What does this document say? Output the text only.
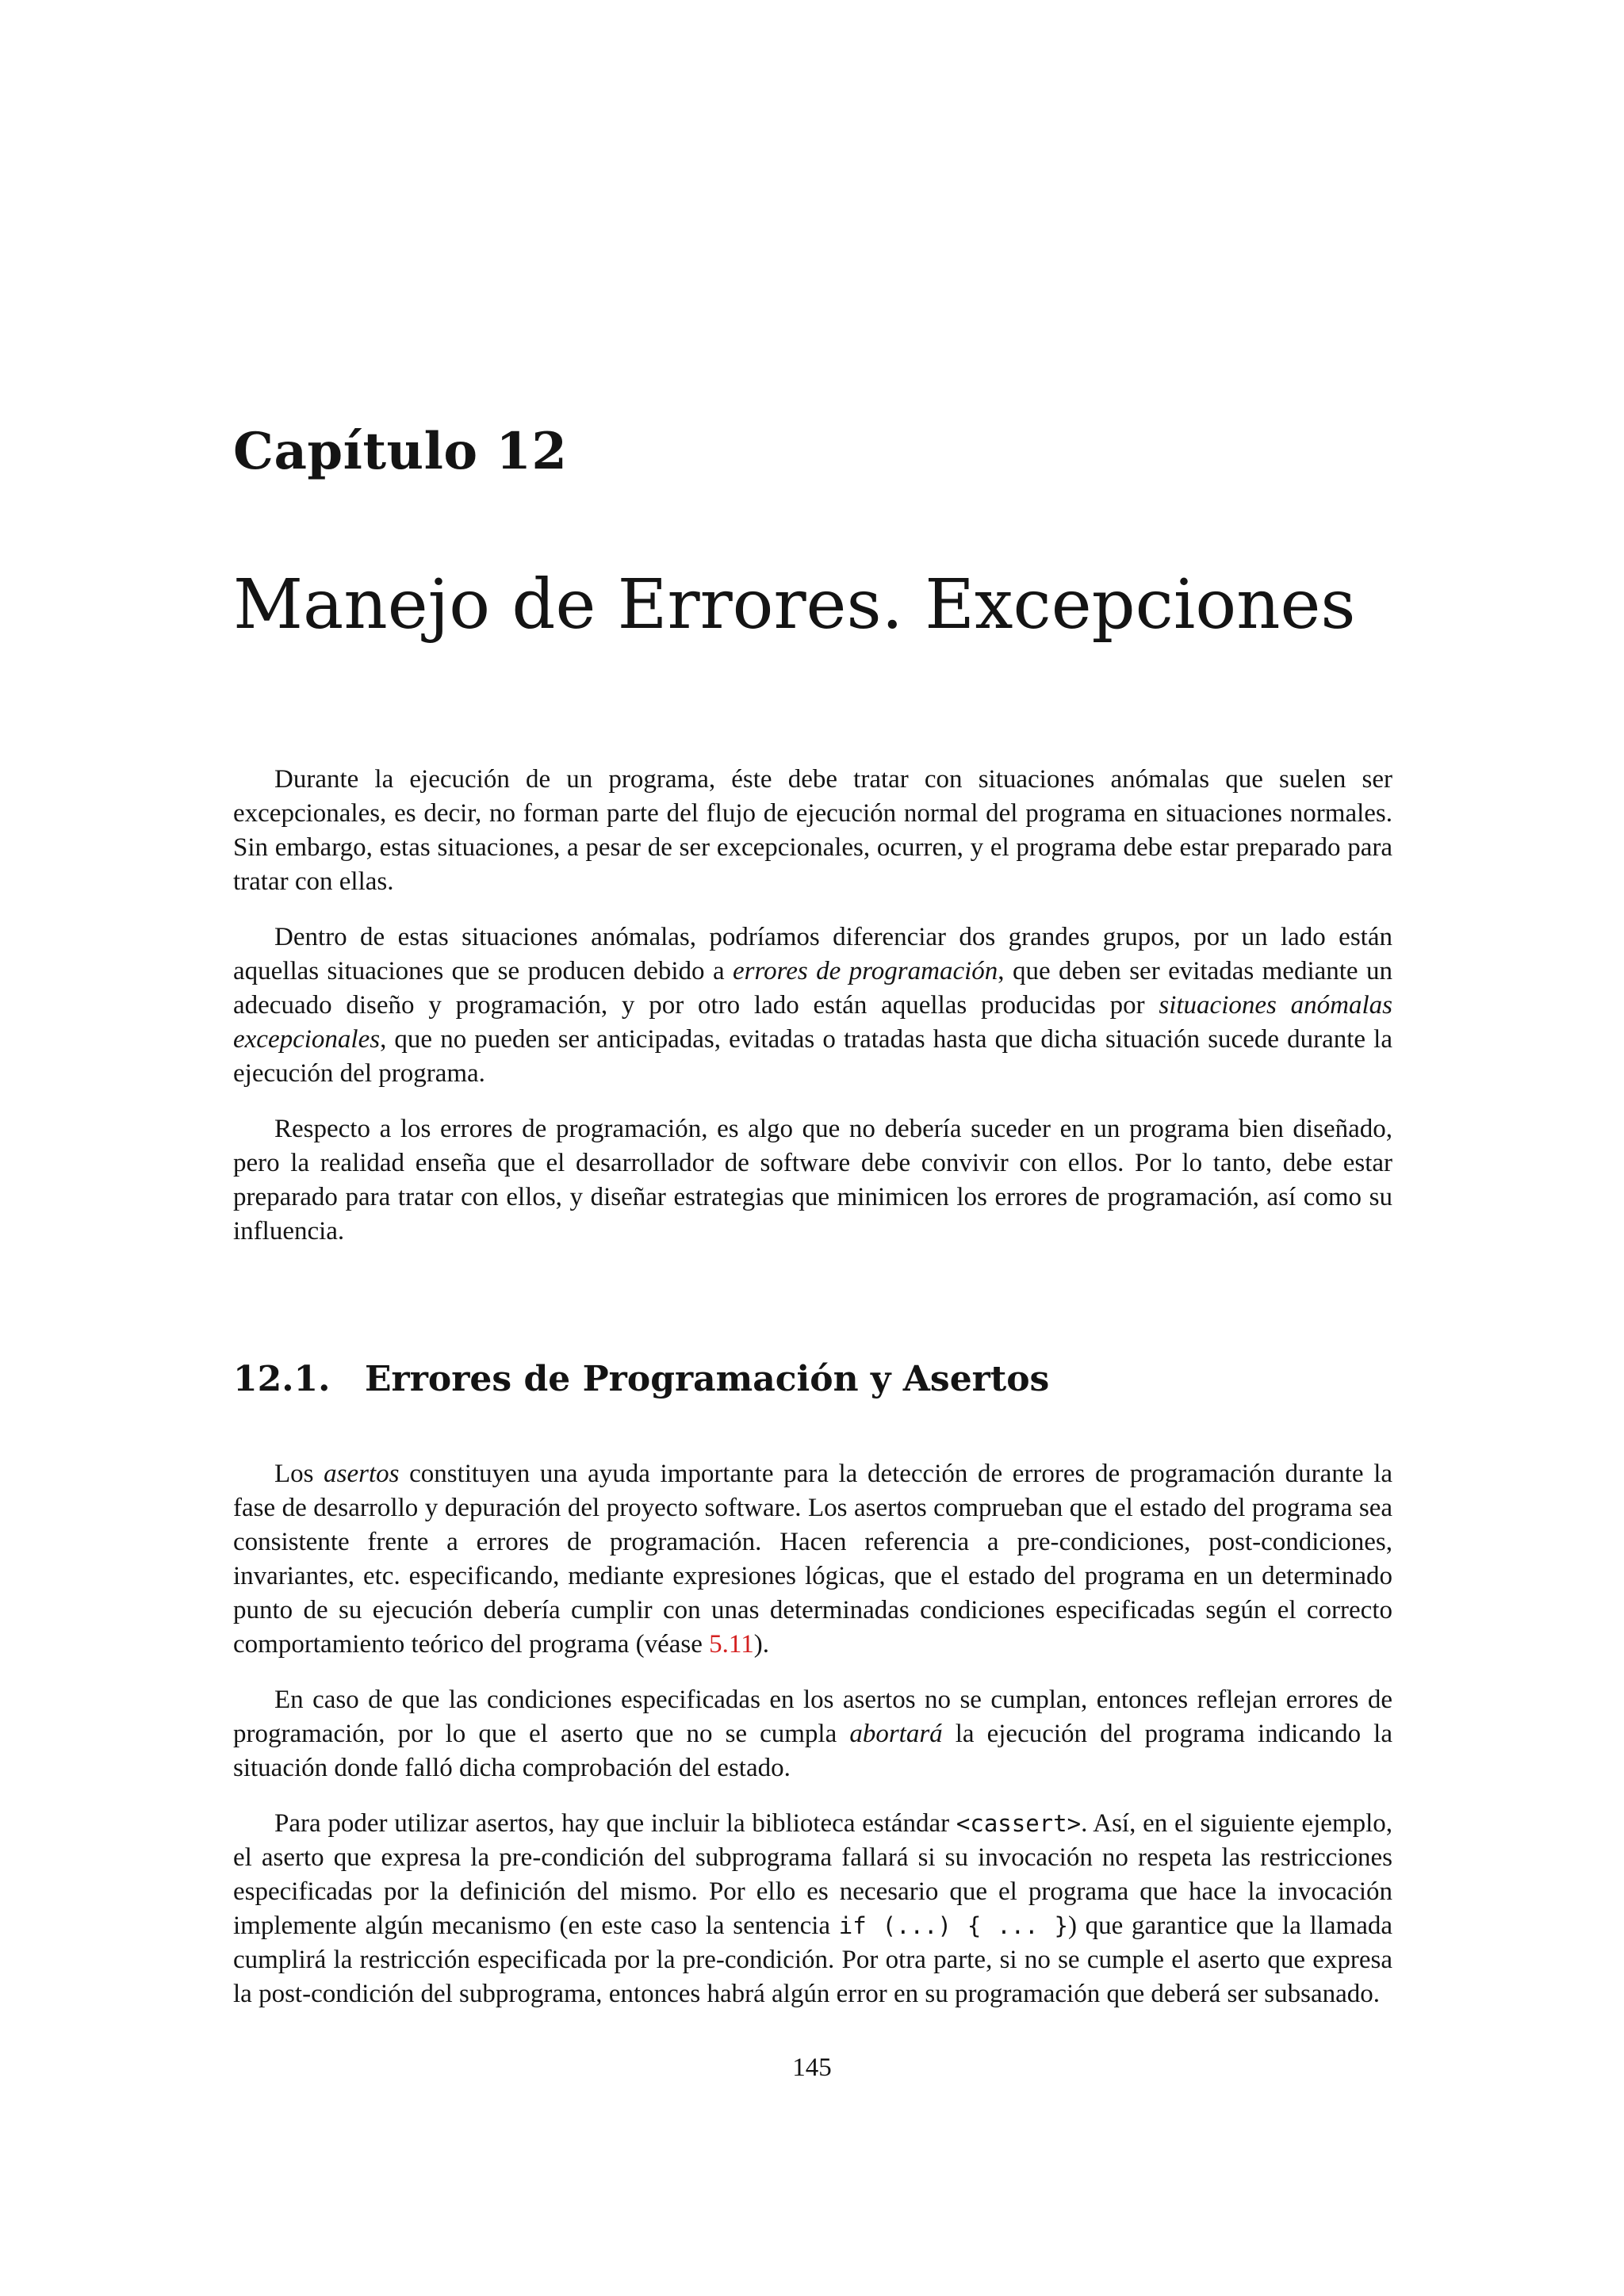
Capítulo 12
Manejo de Errores. Excepciones

Durante la ejecución de un programa, éste debe tratar con situaciones anómalas que suelen ser excepcionales, es decir, no forman parte del flujo de ejecución normal del programa en situaciones normales. Sin embargo, estas situaciones, a pesar de ser excepcionales, ocurren, y el programa debe estar preparado para tratar con ellas.

Dentro de estas situaciones anómalas, podríamos diferenciar dos grandes grupos, por un lado están aquellas situaciones que se producen debido a errores de programación, que deben ser evitadas mediante un adecuado diseño y programación, y por otro lado están aquellas producidas por situaciones anómalas excepcionales, que no pueden ser anticipadas, evitadas o tratadas hasta que dicha situación sucede durante la ejecución del programa.

Respecto a los errores de programación, es algo que no debería suceder en un programa bien diseñado, pero la realidad enseña que el desarrollador de software debe convivir con ellos. Por lo tanto, debe estar preparado para tratar con ellos, y diseñar estrategias que minimicen los errores de programación, así como su influencia.

12.1. Errores de Programación y Asertos

Los asertos constituyen una ayuda importante para la detección de errores de programación durante la fase de desarrollo y depuración del proyecto software. Los asertos comprueban que el estado del programa sea consistente frente a errores de programación. Hacen referencia a pre-condiciones, post-condiciones, invariantes, etc. especificando, mediante expresiones lógicas, que el estado del programa en un determinado punto de su ejecución debería cumplir con unas determinadas condiciones especificadas según el correcto comportamiento teórico del programa (véase 5.11).

En caso de que las condiciones especificadas en los asertos no se cumplan, entonces reflejan errores de programación, por lo que el aserto que no se cumpla abortará la ejecución del programa indicando la situación donde falló dicha comprobación del estado.

Para poder utilizar asertos, hay que incluir la biblioteca estándar <cassert>. Así, en el siguiente ejemplo, el aserto que expresa la pre-condición del subprograma fallará si su invocación no respeta las restricciones especificadas por la definición del mismo. Por ello es necesario que el programa que hace la invocación implemente algún mecanismo (en este caso la sentencia if (...) { ... }) que garantice que la llamada cumplirá la restricción especificada por la pre-condición. Por otra parte, si no se cumple el aserto que expresa la post-condición del subprograma, entonces habrá algún error en su programación que deberá ser subsanado.

145
